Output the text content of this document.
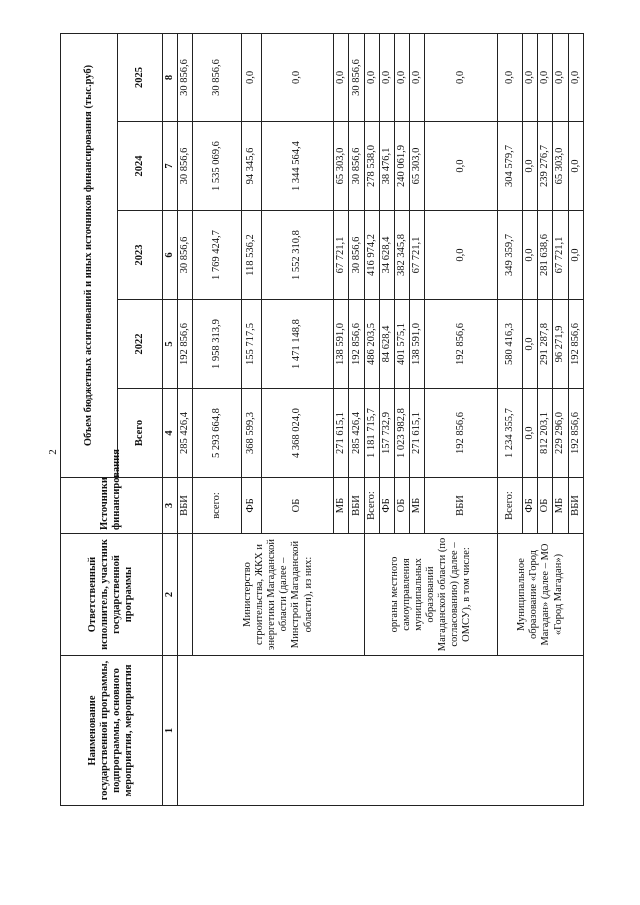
2
Наименование государственной программы, подпрограммы, основного мероприятия, мероприятия	Ответственный исполнитель, участник государственной программы	Источники финансирования	Объем бюджетных ассигнований и иных источников финансирования (тыс.руб)				
			Всего	2022	2023	2024	2025
1	2	3	4	5	6	7	8
		ВБИ	285 426,4	192 856,6	30 856,6	30 856,6	30 856,6
	Министерство строительства, ЖКХ и энергетики Магаданской области (далее – Минстрой Магаданской области), из них:	всего:	5 293 664,8	1 958 313,9	1 769 424,7	1 535 069,6	30 856,6
		ФБ	368 599,3	155 717,5	118 536,2	94 345,6	0,0
		ОБ	4 368 024,0	1 471 148,8	1 552 310,8	1 344 564,4	0,0
		МБ	271 615,1	138 591,0	67 721,1	65 303,0	0,0
		ВБИ	285 426,4	192 856,6	30 856,6	30 856,6	30 856,6
	органы местного самоуправления муниципальных образований Магаданской области (по согласованию) (далее – ОМСУ), в том числе:	Всего:	1 181 715,7	486 203,5	416 974,2	278 538,0	0,0
		ФБ	157 732,9	84 628,4	34 628,4	38 476,1	0,0
		ОБ	1 023 982,8	401 575,1	382 345,8	240 061,9	0,0
		МБ	271 615,1	138 591,0	67 721,1	65 303,0	0,0
		ВБИ	192 856,6	192 856,6	0,0	0,0	0,0
	Муниципальное образование «Город Магадан» (далее – МО «Город Магадан»)	Всего:	1 234 355,7	580 416,3	349 359,7	304 579,7	0,0
		ФБ	0,0	0,0	0,0	0,0	0,0
		ОБ	812 203,1	291 287,8	281 638,6	239 276,7	0,0
		МБ	229 296,0	96 271,9	67 721,1	65 303,0	0,0
		ВБИ	192 856,6	192 856,6	0,0	0,0	0,0
